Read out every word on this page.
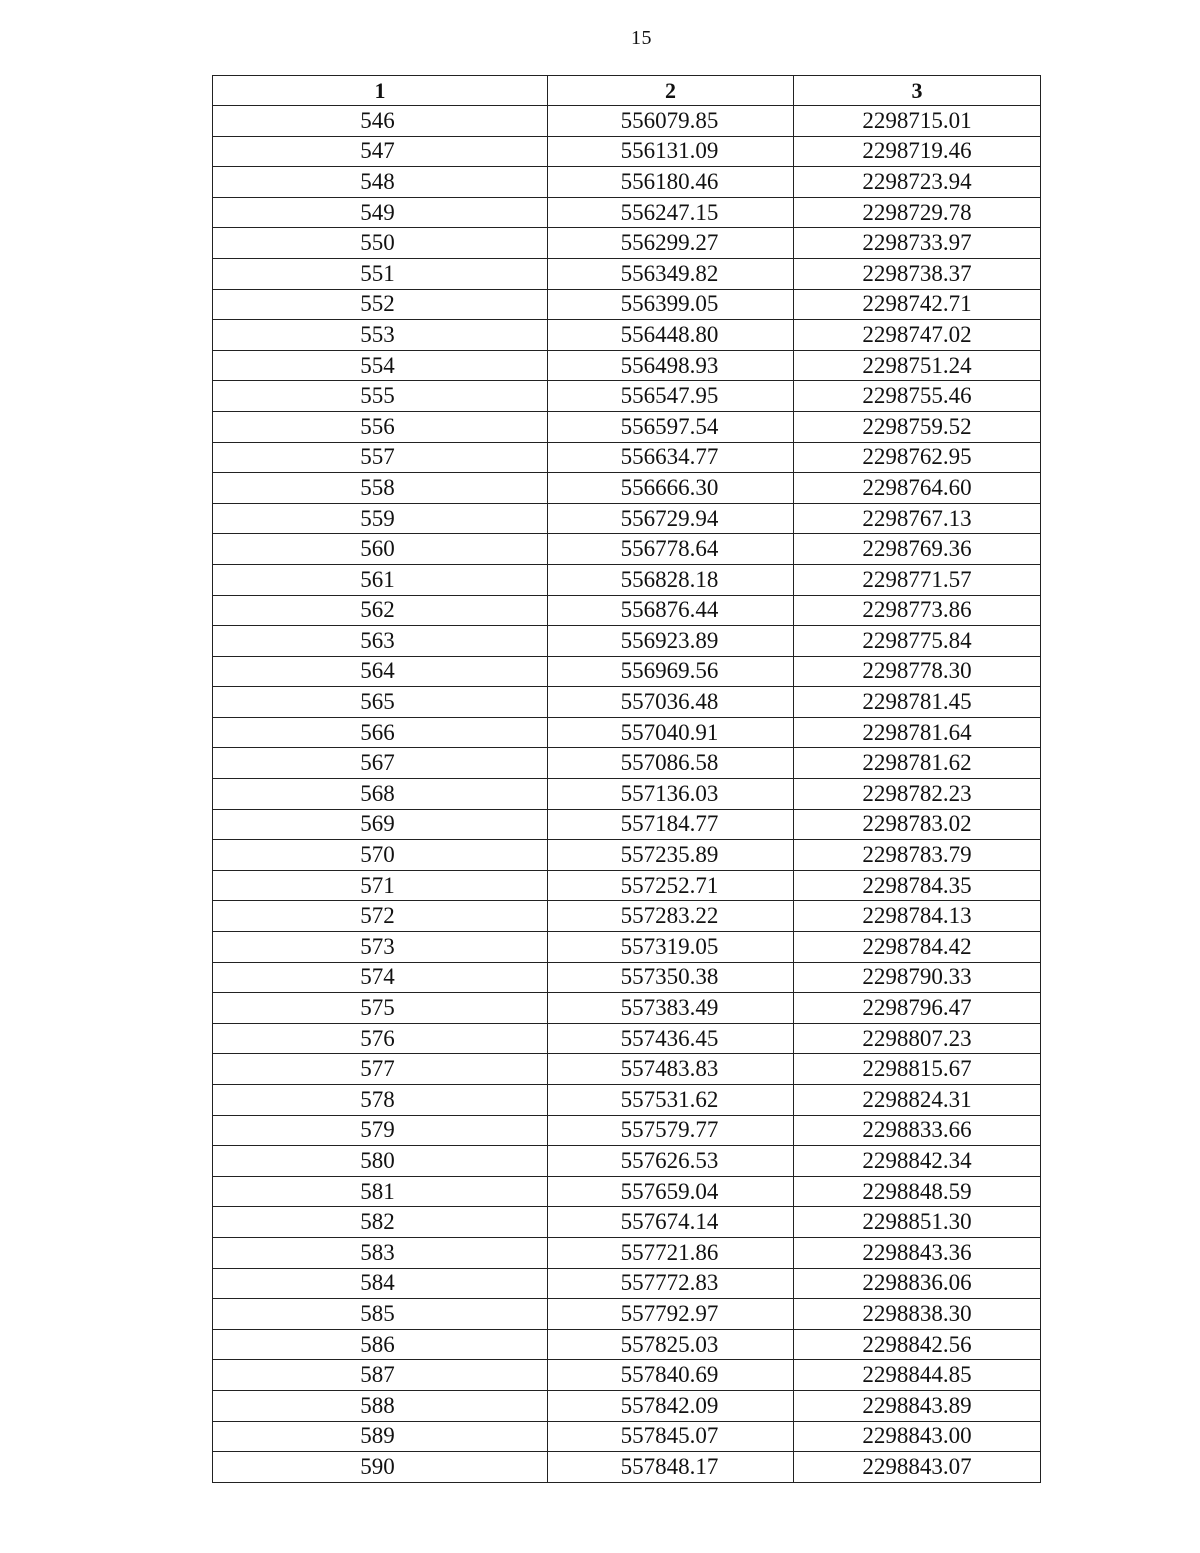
15
1	2	3
546	556079.85	2298715.01
547	556131.09	2298719.46
548	556180.46	2298723.94
549	556247.15	2298729.78
550	556299.27	2298733.97
551	556349.82	2298738.37
552	556399.05	2298742.71
553	556448.80	2298747.02
554	556498.93	2298751.24
555	556547.95	2298755.46
556	556597.54	2298759.52
557	556634.77	2298762.95
558	556666.30	2298764.60
559	556729.94	2298767.13
560	556778.64	2298769.36
561	556828.18	2298771.57
562	556876.44	2298773.86
563	556923.89	2298775.84
564	556969.56	2298778.30
565	557036.48	2298781.45
566	557040.91	2298781.64
567	557086.58	2298781.62
568	557136.03	2298782.23
569	557184.77	2298783.02
570	557235.89	2298783.79
571	557252.71	2298784.35
572	557283.22	2298784.13
573	557319.05	2298784.42
574	557350.38	2298790.33
575	557383.49	2298796.47
576	557436.45	2298807.23
577	557483.83	2298815.67
578	557531.62	2298824.31
579	557579.77	2298833.66
580	557626.53	2298842.34
581	557659.04	2298848.59
582	557674.14	2298851.30
583	557721.86	2298843.36
584	557772.83	2298836.06
585	557792.97	2298838.30
586	557825.03	2298842.56
587	557840.69	2298844.85
588	557842.09	2298843.89
589	557845.07	2298843.00
590	557848.17	2298843.07
